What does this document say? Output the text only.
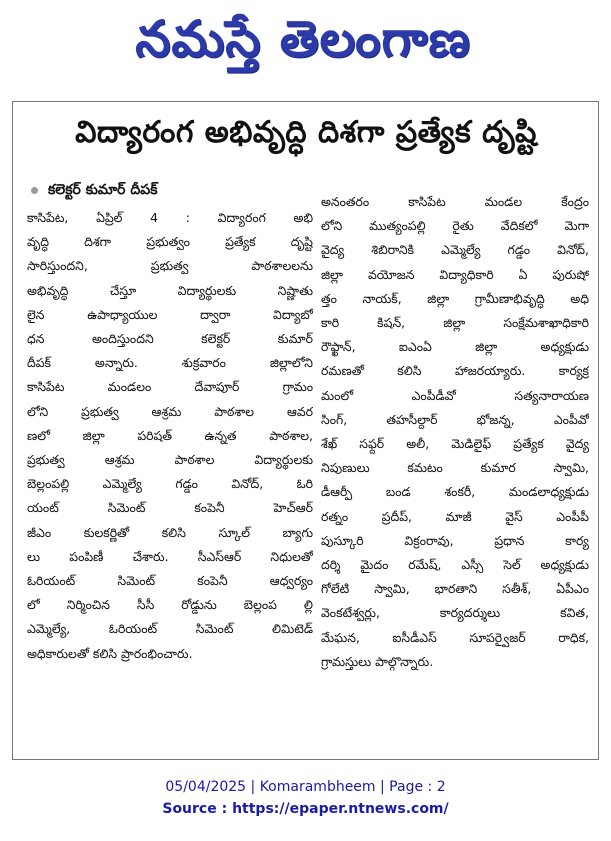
నమస్తే తెలంగాణ
విద్యారంగ అభివృద్ధి దిశగా ప్రత్యేక దృష్టి
కలెక్టర్ కుమార్ దీపక్
కాసిపేట, ఏప్రిల్ 4 : విద్యారంగ అభి
వృద్ధి దిశగా ప్రభుత్వం ప్రత్యేక దృష్టి
సారిస్తుందని, ప్రభుత్వ పాఠశాలలను
అభివృద్ధి చేస్తూ విద్యార్థులకు నిష్ణాతు
లైన ఉపాధ్యాయుల ద్వారా విద్యాబో
ధన అందిస్తుందని కలెక్టర్ కుమార్
దీపక్ అన్నారు. శుక్రవారం జిల్లాలోని
కాసిపేట మండలం దేవాపూర్ గ్రామం
లోని ప్రభుత్వ ఆశ్రమ పాఠశాల ఆవర
ణలో జిల్లా పరిషత్ ఉన్నత పాఠశాల,
ప్రభుత్వ ఆశ్రమ పాఠశాల విద్యార్థులకు
బెల్లంపల్లి ఎమ్మెల్యే గడ్డం వినోద్, ఓరి
యంట్ సిమెంట్ కంపెనీ హెచ్ఆర్
జీఎం కులకర్ణితో కలిసి స్కూల్ బ్యాగు
లు పంపిణీ చేశారు. సీఎస్ఆర్ నిధులతో
ఓరియంట్ సిమెంట్ కంపెనీ ఆధ్వర్యం
లో నిర్మించిన సీసీ రోడ్డును బెల్లంప ల్లి
ఎమ్మెల్యే, ఓరియంట్ సిమెంట్ లిమిటెడ్
అధికారులతో కలిసి ప్రారంభించారు.
అనంతరం కాసిపేట మండల కేంద్రం
లోని ముత్యంపల్లి రైతు వేదికలో మెగా
వైద్య శిబిరానికి ఎమ్మెల్యే గడ్డం వినోద్,
జిల్లా వయోజన విద్యాధికారి ఏ పురుషో
త్తం నాయక్, జిల్లా గ్రామీణాభివృద్ధి అధి
కారి కిషన్, జిల్లా సంక్షేమశాఖాధికారి
రౌఫ్ఖాన్, ఐఎంఏ జిల్లా అధ్యక్షుడు
రమణతో కలిసి హాజరయ్యారు. కార్యక్ర
మంలో ఎంపీడీవో సత్యనారాయణ
సింగ్, తహసీల్దార్ భోజన్న, ఎంపీవో
శేఖ్ సఫ్దర్ అలీ, మెడిలైఫ్ ప్రత్యేక వైద్య
నిపుణులు కమటం కుమార స్వామి,
డీఆర్పీ బండ శంకరీ, మండలాధ్యక్షుడు
రత్నం ప్రదీప్, మాజీ వైస్ ఎంపీపీ
పుస్కూరి విక్రంరావు, ప్రధాన కార్య
దర్శి మైదం రమేష్, ఎస్సీ సెల్ అధ్యక్షుడు
గోలేటి స్వామి, భారతాని సతీశ్, ఏపీఎం
వెంకటేశ్వర్లు, కార్యదర్శులు కవిత,
మేఘన, ఐసీడీఎస్ సూపర్వైజర్ రాధిక,
గ్రామస్తులు పాల్గొన్నారు.
05/04/2025 | Komarambheem | Page : 2
Source : https://epaper.ntnews.com/
